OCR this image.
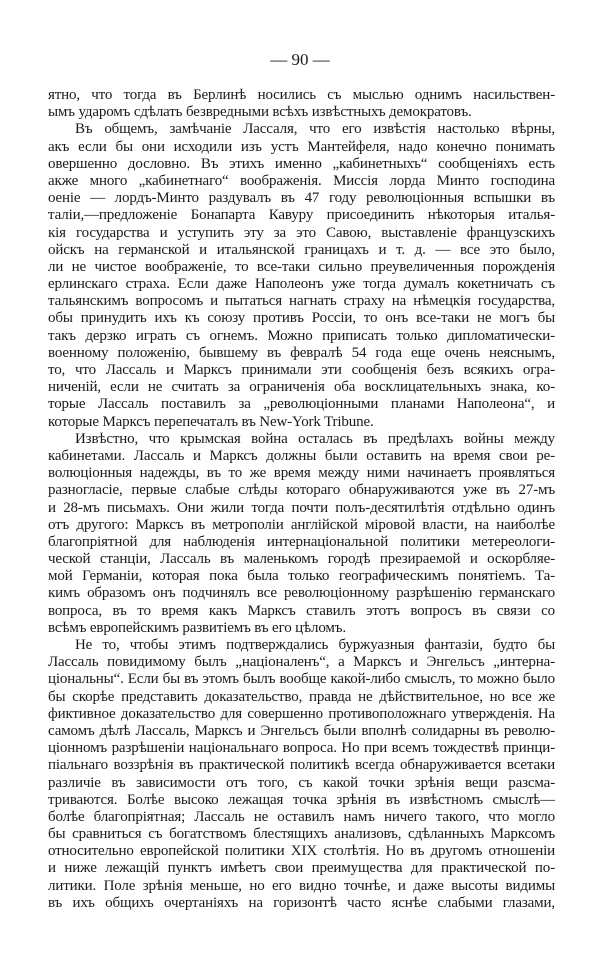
— 90 —
ятно, что тогда въ Берлинѣ носились съ мыслью однимъ насильствен-
ымъ ударомъ сдѣлать безвредными всѣхъ извѣстныхъ демократовъ.
Въ общемъ, замѣчаніе Лассаля, что его извѣстія настолько вѣрны,
акъ если бы они исходили изъ устъ Мантейфеля, надо конечно понимать
овершенно дословно. Въ этихъ именно „кабинетныхъ“ сообщеніяхъ есть
акже много „кабинетнаго“ воображенія. Миссія лорда Минто господина
оеніе — лордъ-Минто раздувалъ въ 47 году революціонныя вспышки въ
таліи,—предложеніе Бонапарта Кавуру присоединить нѣкоторыя италья-
кія государства и уступить эту за это Савою, выставленіе французскихъ
ойскъ на германской и итальянской границахъ и т. д. — все это было,
ли не чистое воображеніе, то все-таки сильно преувеличенныя порожденія
ерлинскаго страха. Если даже Наполеонъ уже тогда думалъ кокетничать съ
тальянскимъ вопросомъ и пытаться нагнать страху на нѣмецкія государства,
обы принудить ихъ къ союзу противъ Россіи, то онъ все-таки не могъ бы
такъ дерзко играть съ огнемъ. Можно приписать только дипломатически-
военному положенію, бывшему въ февралѣ 54 года еще очень неяснымъ,
то, что Лассаль и Марксъ принимали эти сообщенія безъ всякихъ огра-
ниченій, если не считать за ограниченія оба восклицательныхъ знака, ко-
торые Лассаль поставилъ за „революціонными планами Наполеона“, и
которые Марксъ перепечаталъ въ New-York Tribune.
Извѣстно, что крымская война осталась въ предѣлахъ войны между
кабинетами. Лассаль и Марксъ должны были оставить на время свои ре-
волюціонныя надежды, въ то же время между ними начинаетъ проявляться
разногласіе, первые слабые слѣды котораго обнаруживаются уже въ 27-мъ
и 28-мъ письмахъ. Они жили тогда почти полъ-десятилѣтія отдѣльно одинъ
отъ другого: Марксъ въ метрополіи англійской міровой власти, на наиболѣе
благопріятной для наблюденія интернаціональной политики метереологи-
ческой станціи, Лассаль въ маленькомъ городѣ презираемой и оскорбляе-
мой Германіи, которая пока была только географическимъ понятіемъ. Та-
кимъ образомъ онъ подчинялъ все революціонному разрѣшенію германскаго
вопроса, въ то время какъ Марксъ ставилъ этотъ вопросъ въ связи со
всѣмъ европейскимъ развитіемъ въ его цѣломъ.
Не то, чтобы этимъ подтверждались буржуазныя фантазіи, будто бы
Лассаль повидимому былъ „націоналенъ“, а Марксъ и Энгельсъ „интерна-
ціональны“. Если бы въ этомъ былъ вообще какой-либо смыслъ, то можно было
бы скорѣе представить доказательство, правда не дѣйствительное, но все же
фиктивное доказательство для совершенно противоположнаго утвержденія. На
самомъ дѣлѣ Лассаль, Марксъ и Энгельсъ были вполнѣ солидарны въ револю-
ціонномъ разрѣшеніи національнаго вопроса. Но при всемъ тождествѣ принци-
піальнаго воззрѣнія въ практической политикѣ всегда обнаруживается всетаки
различіе въ зависимости отъ того, съ какой точки зрѣнія вещи разсма-
триваются. Болѣе высоко лежащая точка зрѣнія въ извѣстномъ смыслѣ—
болѣе благопріятная; Лассаль не оставилъ намъ ничего такого, что могло
бы сравниться съ богатствомъ блестящихъ анализовъ, сдѣланныхъ Марксомъ
относительно европейской политики XIX столѣтія. Но въ другомъ отношеніи
и ниже лежащій пунктъ имѣетъ свои преимущества для практической по-
литики. Поле зрѣнія меньше, но его видно точнѣе, и даже высоты видимы
въ ихъ общихъ очертаніяхъ на горизонтѣ часто яснѣе слабыми глазами,
